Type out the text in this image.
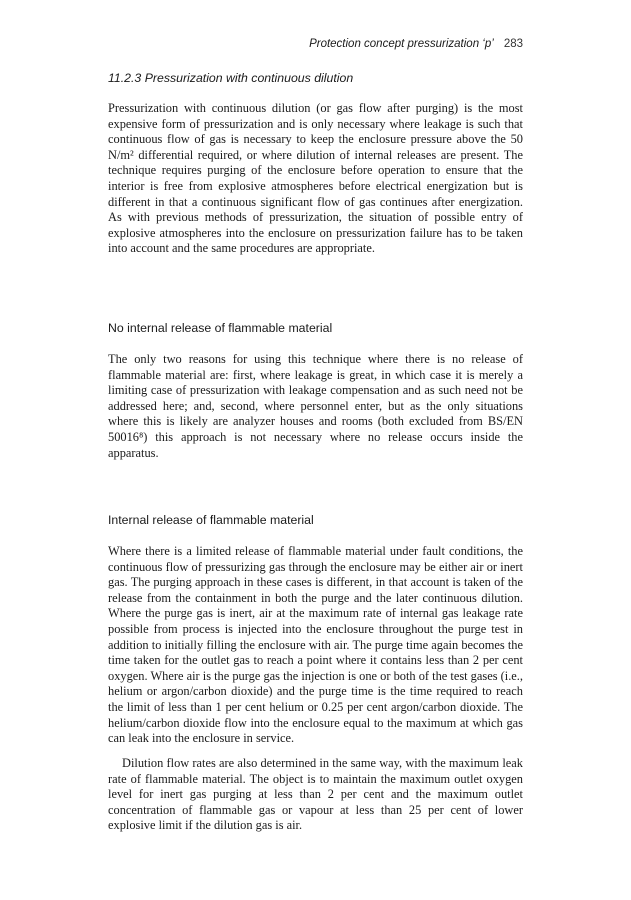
Protection concept pressurization ‘p’ 283
11.2.3 Pressurization with continuous dilution

Pressurization with continuous dilution (or gas flow after purging) is the most expensive form of pressurization and is only necessary where leakage is such that continuous flow of gas is necessary to keep the enclosure pressure above the 50 N/m² differential required, or where dilution of internal releases are present. The technique requires purging of the enclosure before operation to ensure that the interior is free from explosive atmospheres before electrical energization but is different in that a continuous significant flow of gas continues after energization. As with previous methods of pressurization, the situation of possible entry of explosive atmospheres into the enclosure on pressurization failure has to be taken into account and the same procedures are appropriate.

No internal release of flammable material

The only two reasons for using this technique where there is no release of flammable material are: first, where leakage is great, in which case it is merely a limiting case of pressurization with leakage compensation and as such need not be addressed here; and, second, where personnel enter, but as the only situations where this is likely are analyzer houses and rooms (both excluded from BS/EN 50016⁸) this approach is not necessary where no release occurs inside the apparatus.

Internal release of flammable material

Where there is a limited release of flammable material under fault conditions, the continuous flow of pressurizing gas through the enclosure may be either air or inert gas. The purging approach in these cases is different, in that account is taken of the release from the containment in both the purge and the later continuous dilution. Where the purge gas is inert, air at the maximum rate of internal gas leakage rate possible from process is injected into the enclosure throughout the purge test in addition to initially filling the enclosure with air. The purge time again becomes the time taken for the outlet gas to reach a point where it contains less than 2 per cent oxygen. Where air is the purge gas the injection is one or both of the test gases (i.e., helium or argon/carbon dioxide) and the purge time is the time required to reach the limit of less than 1 per cent helium or 0.25 per cent argon/carbon dioxide. The helium/carbon dioxide flow into the enclosure equal to the maximum at which gas can leak into the enclosure in service.

Dilution flow rates are also determined in the same way, with the maximum leak rate of flammable material. The object is to maintain the maximum outlet oxygen level for inert gas purging at less than 2 per cent and the maximum outlet concentration of flammable gas or vapour at less than 25 per cent of lower explosive limit if the dilution gas is air.
